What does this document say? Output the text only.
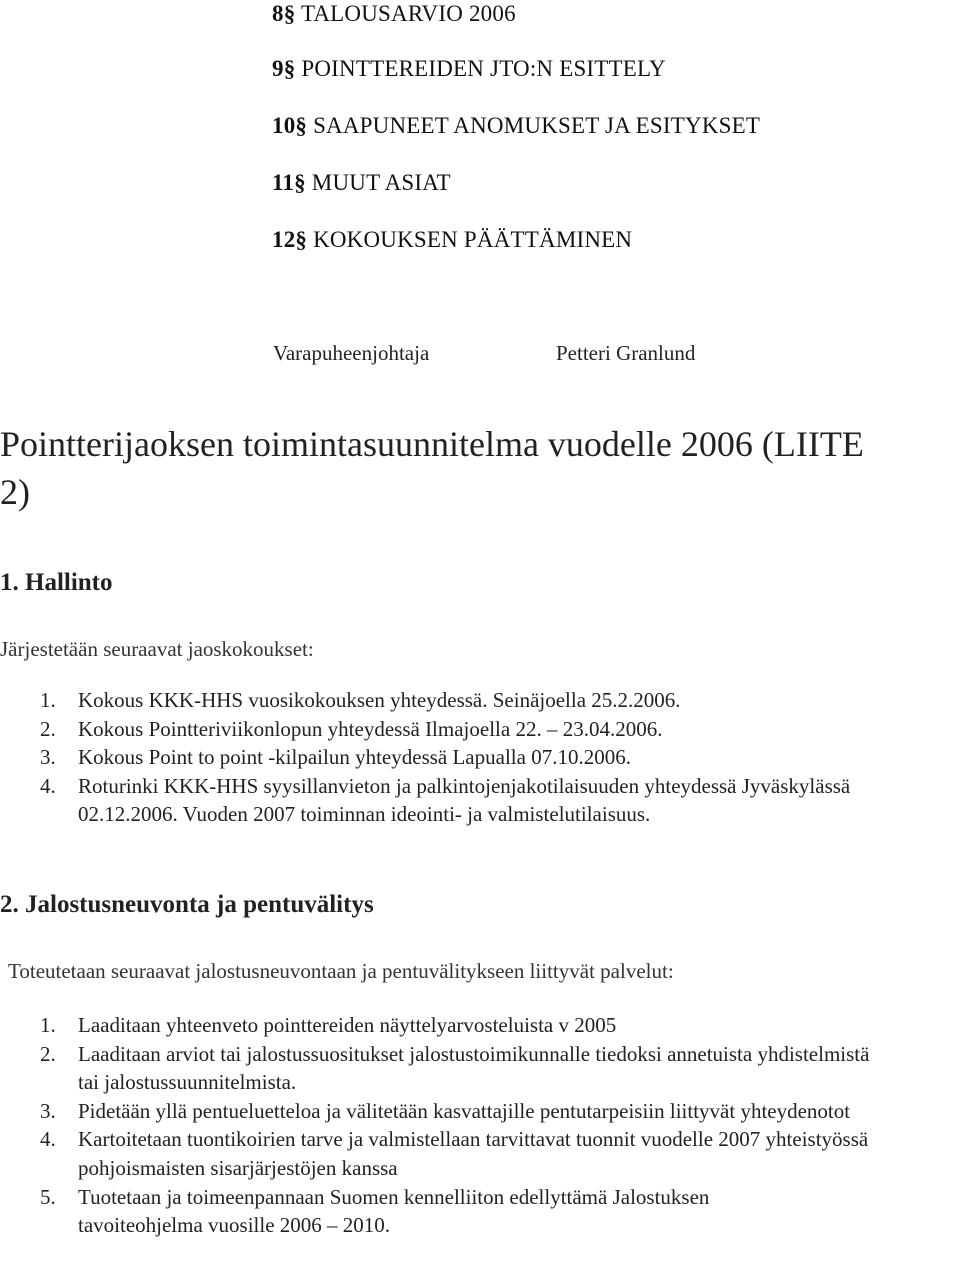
8§ TALOUSARVIO 2006
9§ POINTTEREIDEN JTO:N ESITTELY
10§ SAAPUNEET ANOMUKSET JA ESITYKSET
11§ MUUT ASIAT
12§ KOKOUKSEN PÄÄTTÄMINEN
Varapuheenjohtaja	Petteri Granlund
Pointterijaoksen toimintasuunnitelma vuodelle 2006 (LIITE
2)
1. Hallinto
Järjestetään seuraavat jaoskokoukset:
1. Kokous KKK-HHS vuosikokouksen yhteydessä. Seinäjoella 25.2.2006.
2. Kokous Pointteriviikonlopun yhteydessä Ilmajoella 22. – 23.04.2006.
3. Kokous Point to point -kilpailun yhteydessä Lapualla 07.10.2006.
4. Roturinki KKK-HHS syysillanvieton ja palkintojenjakotilaisuuden yhteydessä Jyväskylässä 02.12.2006. Vuoden 2007 toiminnan ideointi- ja valmistelutilaisuus.
2. Jalostusneuvonta ja pentuvälitys
Toteutetaan seuraavat jalostusneuvontaan ja pentuvälitykseen liittyvät palvelut:
1. Laaditaan yhteenveto pointtereiden näyttelyarvosteluista v 2005
2. Laaditaan arviot tai jalostussuositukset jalostustoimikunnalle tiedoksi annetuista yhdistelmistä tai jalostussuunnitelmista.
3. Pidetään yllä pentueluetteloa ja välitetään kasvattajille pentutarpeisiin liittyvät yhteydenotot
4. Kartoitetaan tuontikoirien tarve ja valmistellaan tarvittavat tuonnit vuodelle 2007 yhteistyössä pohjoismaisten sisarjärjestöjen kanssa
5. Tuotetaan ja toimeenpannaan Suomen kennelliiton edellyttämä Jalostuksen tavoiteohjelma vuosille 2006 – 2010.
